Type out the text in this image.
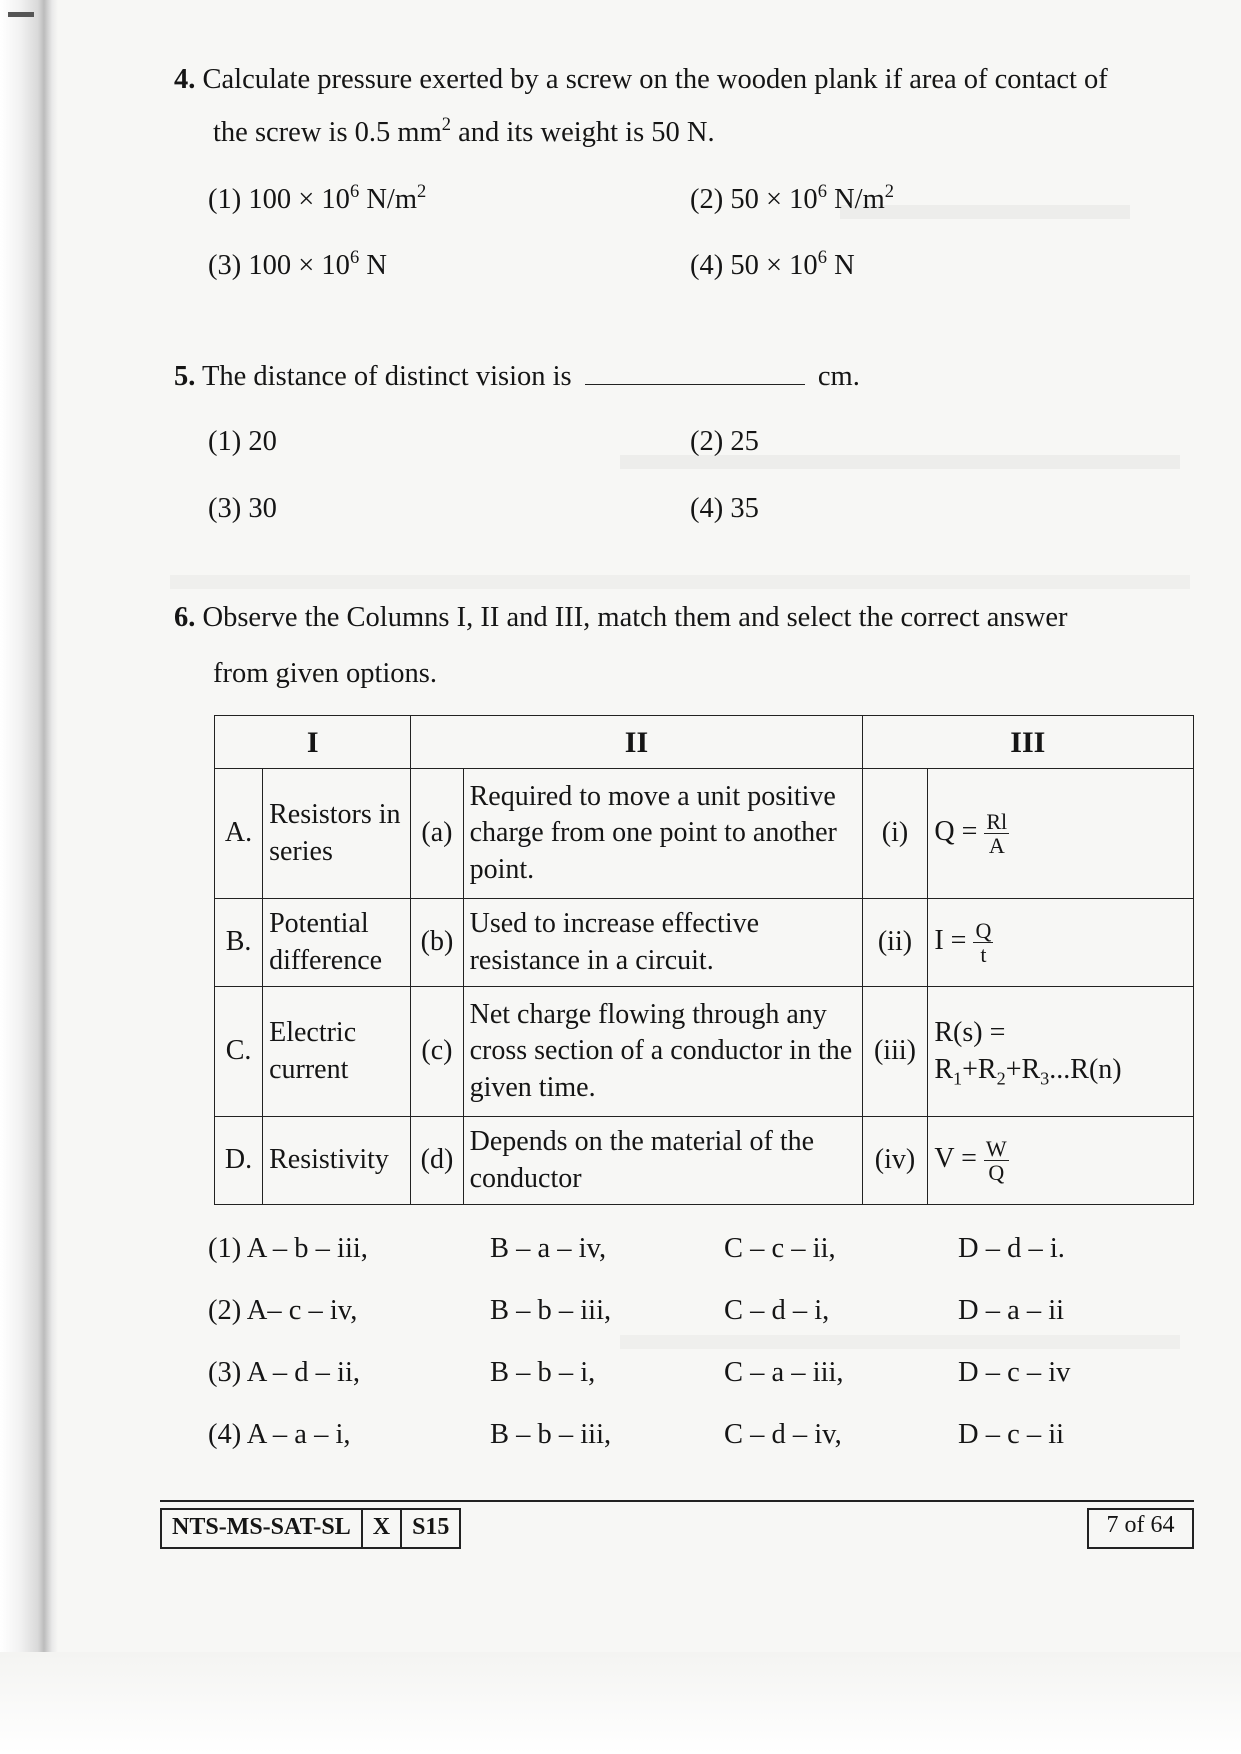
4. Calculate pressure exerted by a screw on the wooden plank if area of contact of
the screw is 0.5 $mm^2$ and its weight is 50 N.
(1) $100 \times 10^6$ $N/m^2$	(2) $50 \times 10^6$ $N/m^2$
(3) $100 \times 10^6$ N	(4) $50 \times 10^6$ N
5. The distance of distinct vision is	cm.
(1) 20	(2) 25
(3) 30	(4) 35
6. Observe the Columns I, II and III, match them and select the correct answer
from given options.
I		II		III	
A.	Resistors in series	(a)	Required to move a unit positive charge from one point to another point.	(i)	$Q = \frac{Rl}{A}$

B.	Potential difference	(b)	Used to increase effective resistance in a circuit.	(ii)	$I = \frac{Q}{t}$

C.	Electric current	(c)	Net charge flowing through any cross section of a conductor in the given time.	(iii)	R(s) =
$R_1+R_2+R_3...R(n)$

D.	Resistivity	(d)	Depends on the material of the conductor	(iv)	$V = \frac{W}{Q}$
(1) A – b – iii,	B – a – iv,	C – c – ii,	D – d – i.
(2) A– c – iv,	B – b – iii,	C – d – i,	D – a – ii
(3) A – d – ii,	B – b – i,	C – a – iii,	D – c – iv
(4) A – a – i,	B – b – iii,	C – d – iv,	D – c – ii
NTS-MS-SAT-SL X S15	7 of 64
